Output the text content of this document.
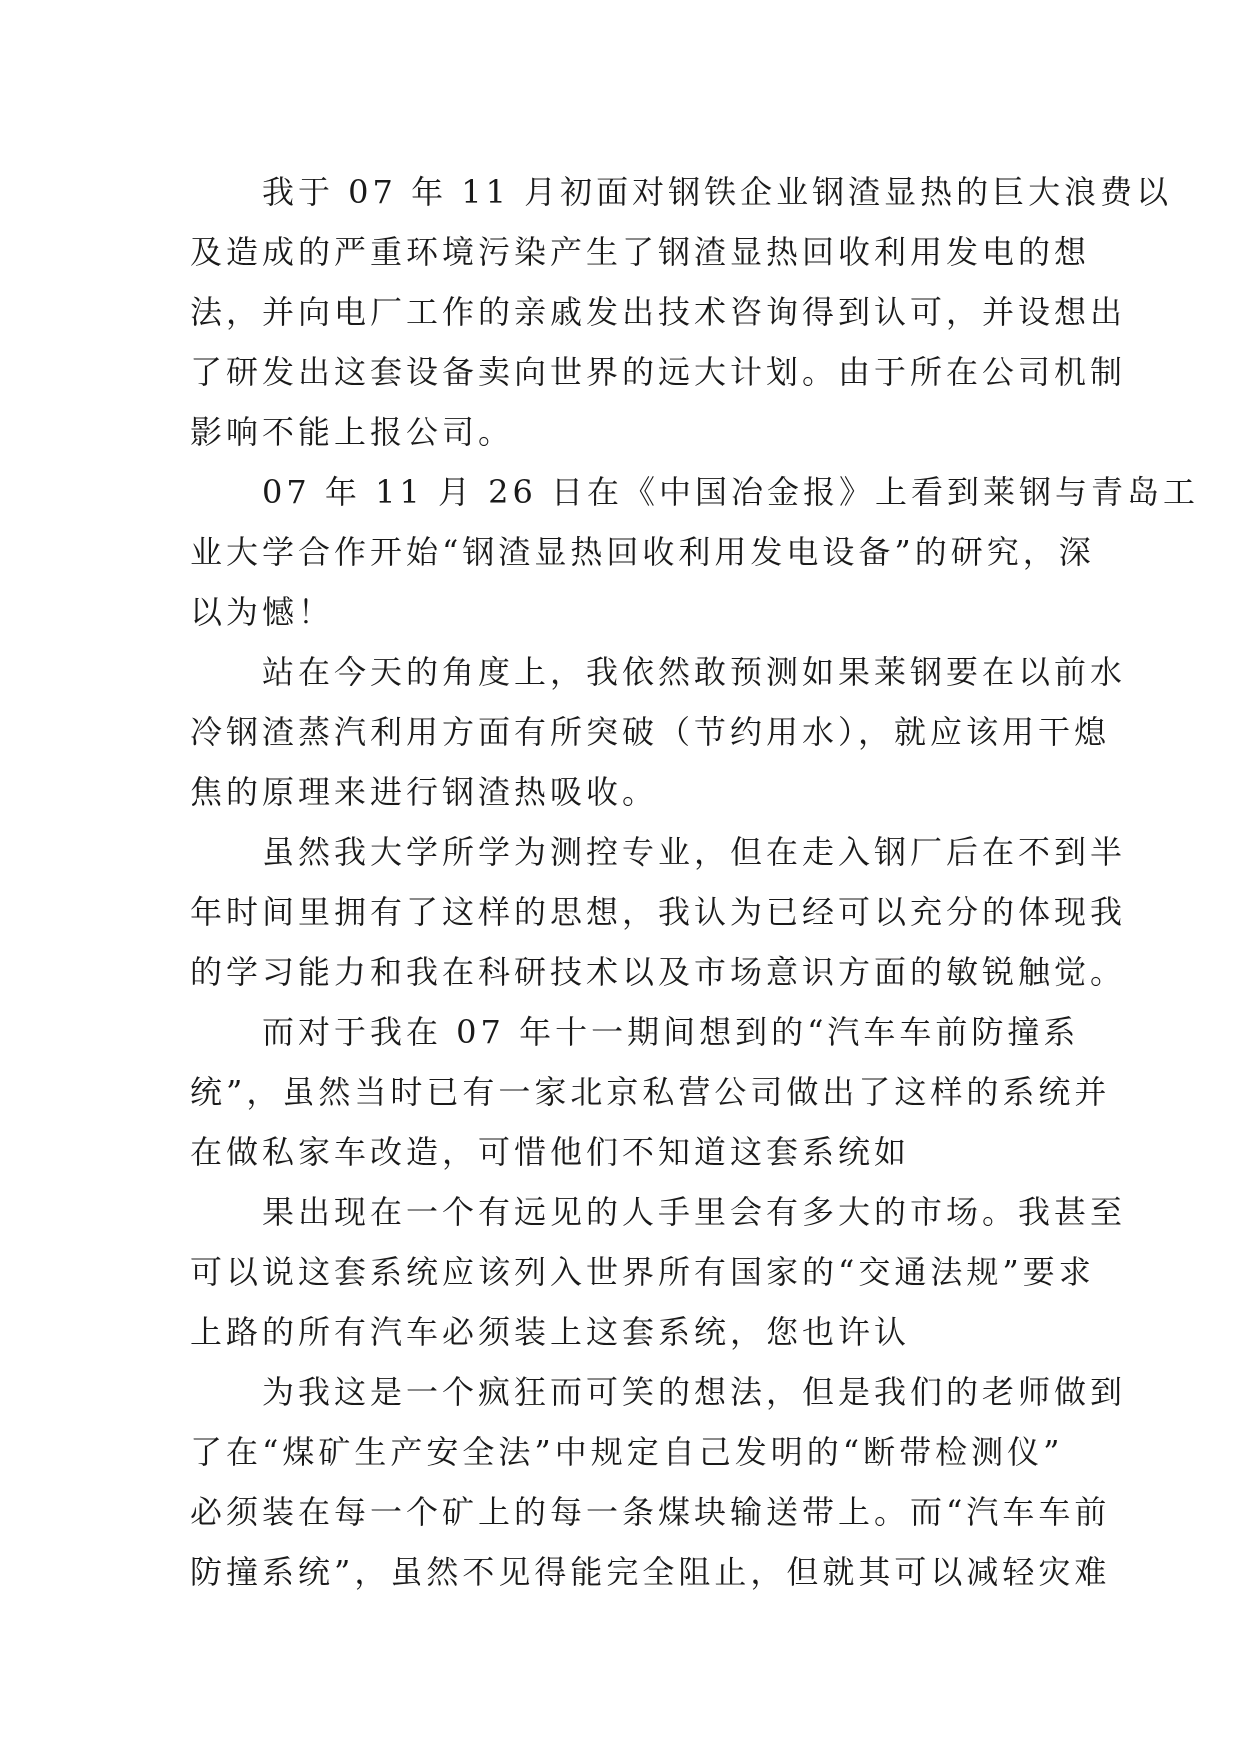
我于 07 年 11 月初面对钢铁企业钢渣显热的巨大浪费以
及造成的严重环境污染产生了钢渣显热回收利用发电的想
法，并向电厂工作的亲戚发出技术咨询得到认可，并设想出
了研发出这套设备卖向世界的远大计划。由于所在公司机制
影响不能上报公司。
07 年 11 月 26 日在《中国冶金报》上看到莱钢与青岛工
业大学合作开始“钢渣显热回收利用发电设备”的研究，深
以为憾！
站在今天的角度上，我依然敢预测如果莱钢要在以前水
冷钢渣蒸汽利用方面有所突破（节约用水），就应该用干熄
焦的原理来进行钢渣热吸收。
虽然我大学所学为测控专业，但在走入钢厂后在不到半
年时间里拥有了这样的思想，我认为已经可以充分的体现我
的学习能力和我在科研技术以及市场意识方面的敏锐触觉。
而对于我在 07 年十一期间想到的“汽车车前防撞系
统”，虽然当时已有一家北京私营公司做出了这样的系统并
在做私家车改造，可惜他们不知道这套系统如
果出现在一个有远见的人手里会有多大的市场。我甚至
可以说这套系统应该列入世界所有国家的“交通法规”要求
上路的所有汽车必须装上这套系统，您也许认
为我这是一个疯狂而可笑的想法，但是我们的老师做到
了在“煤矿生产安全法”中规定自己发明的“断带检测仪”
必须装在每一个矿上的每一条煤块输送带上。而“汽车车前
防撞系统”，虽然不见得能完全阻止，但就其可以减轻灾难
